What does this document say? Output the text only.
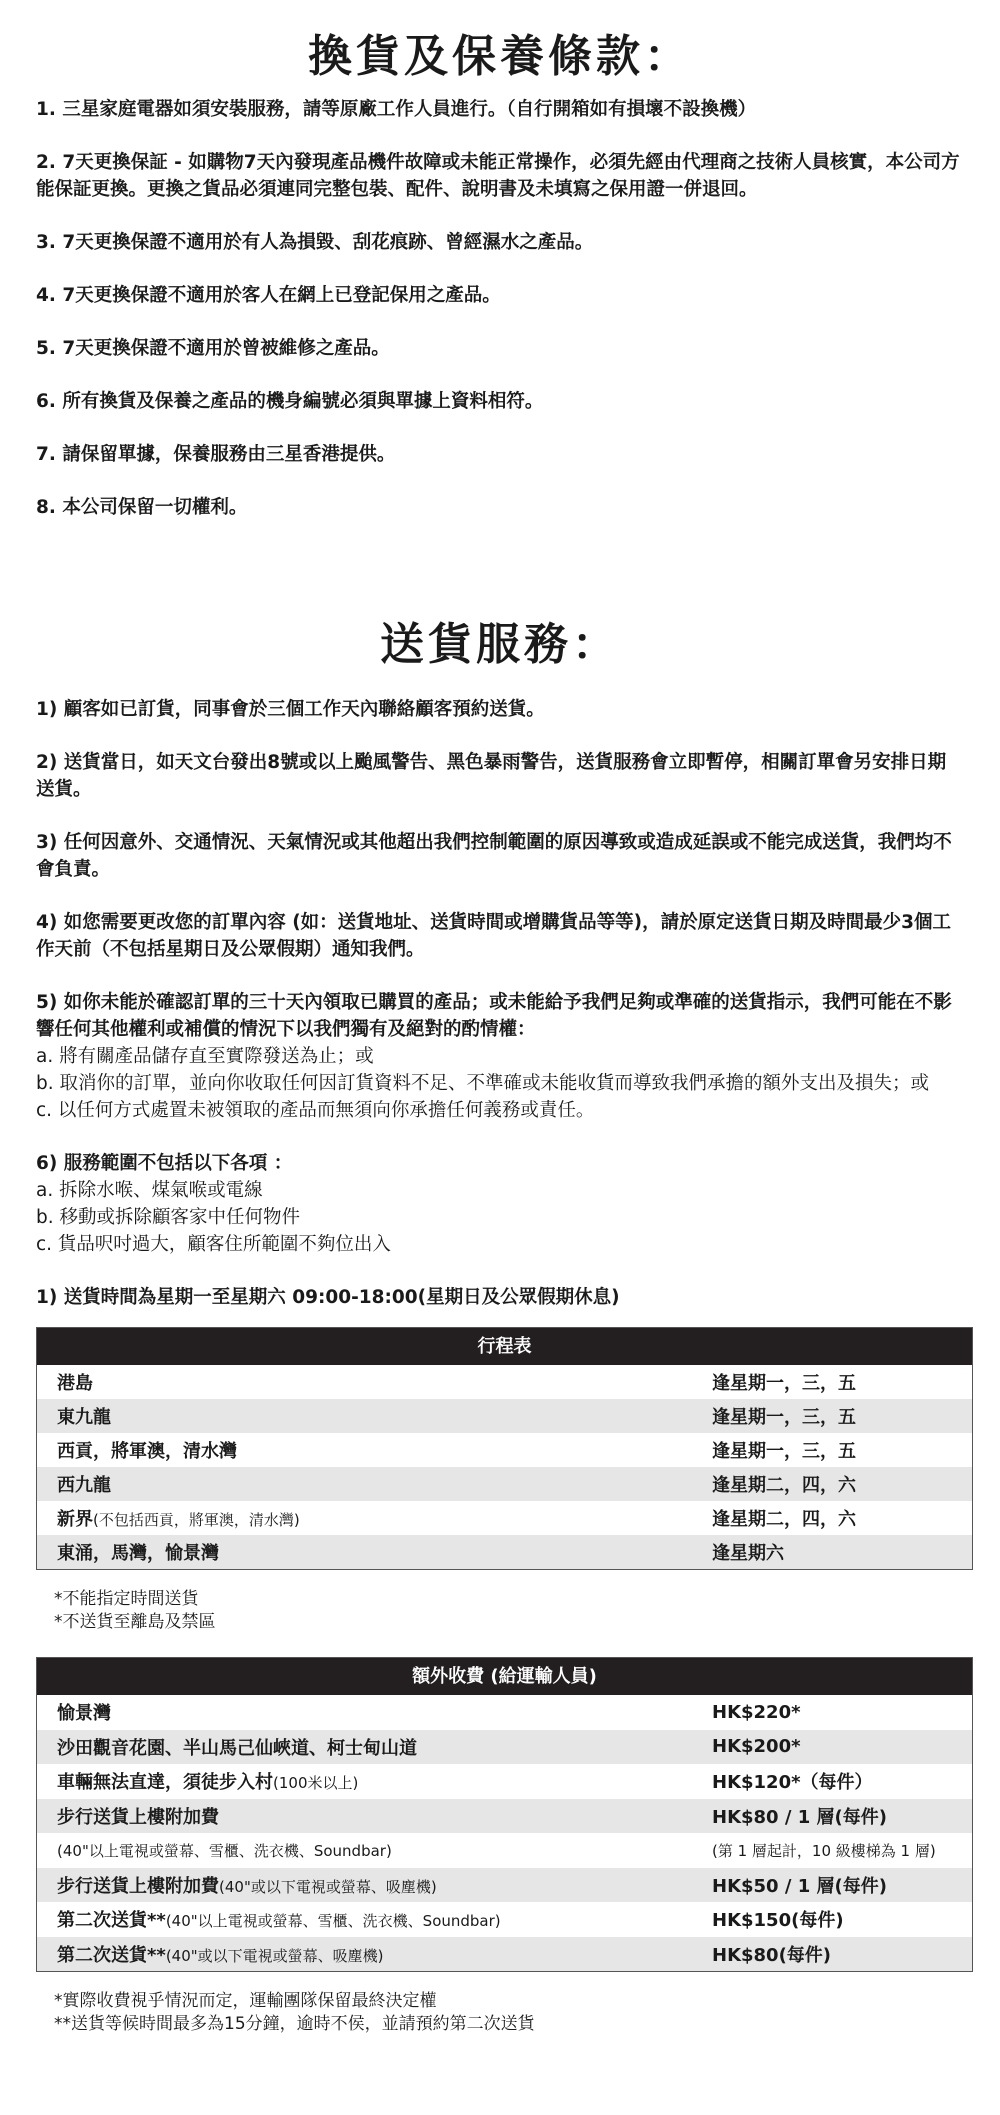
換貨及保養條款：

1. 三星家庭電器如須安裝服務，請等原廠工作人員進行。（自行開箱如有損壞不設換機）

2. 7天更換保証 - 如購物7天內發現產品機件故障或未能正常操作，必須先經由代理商之技術人員核實，本公司方能保証更換。更換之貨品必須連同完整包裝、配件、說明書及未填寫之保用證一併退回。

3. 7天更換保證不適用於有人為損毀、刮花痕跡、曾經濕水之產品。

4. 7天更換保證不適用於客人在網上已登記保用之產品。

5. 7天更換保證不適用於曾被維修之產品。

6. 所有換貨及保養之產品的機身編號必須與單據上資料相符。

7. 請保留單據，保養服務由三星香港提供。

8. 本公司保留一切權利。

送貨服務：

1) 顧客如已訂貨，同事會於三個工作天內聯絡顧客預約送貨。

2) 送貨當日，如天文台發出8號或以上颱風警告、黑色暴雨警告，送貨服務會立即暫停，相關訂單會另安排日期送貨。

3) 任何因意外、交通情況、天氣情況或其他超出我們控制範圍的原因導致或造成延誤或不能完成送貨，我們均不會負責。

4) 如您需要更改您的訂單內容 (如：送貨地址、送貨時間或增購貨品等等)，請於原定送貨日期及時間最少3個工作天前（不包括星期日及公眾假期）通知我們。

5) 如你未能於確認訂單的三十天內領取已購買的產品；或未能給予我們足夠或準確的送貨指示，我們可能在不影響任何其他權利或補償的情況下以我們獨有及絕對的酌情權：

a. 將有關產品儲存直至實際發送為止；或

b. 取消你的訂單，並向你收取任何因訂貨資料不足、不準確或未能收貨而導致我們承擔的額外支出及損失；或

c. 以任何方式處置未被領取的產品而無須向你承擔任何義務或責任。

6) 服務範圍不包括以下各項 ：

a. 拆除水喉、煤氣喉或電線

b. 移動或拆除顧客家中任何物件

c. 貨品呎吋過大，顧客住所範圍不夠位出入

1) 送貨時間為星期一至星期六 09:00-18:00(星期日及公眾假期休息)

行程表
港島	逢星期一，三，五
東九龍	逢星期一，三，五
西貢，將軍澳，清水灣	逢星期一，三，五
西九龍	逢星期二，四，六
新界(不包括西貢，將軍澳，清水灣)	逢星期二，四，六
東涌，馬灣，愉景灣	逢星期六

*不能指定時間送貨

*不送貨至離島及禁區

額外收費 (給運輸人員)
愉景灣	HK$220*
沙田觀音花園、半山馬己仙峽道、柯士甸山道	HK$200*
車輛無法直達，須徒步入村(100米以上)	HK$120*（每件）
步行送貨上樓附加費	HK$80 / 1 層(每件)
(40"以上電視或螢幕、雪櫃、洗衣機、Soundbar)	(第 1 層起計，10 級樓梯為 1 層)
步行送貨上樓附加費(40"或以下電視或螢幕、吸塵機)	HK$50 / 1 層(每件)
第二次送貨**(40"以上電視或螢幕、雪櫃、洗衣機、Soundbar)	HK$150(每件)
第二次送貨**(40"或以下電視或螢幕、吸塵機)	HK$80(每件)

*實際收費視乎情況而定，運輸團隊保留最終決定權

**送貨等候時間最多為15分鐘，逾時不侯，並請預約第二次送貨
